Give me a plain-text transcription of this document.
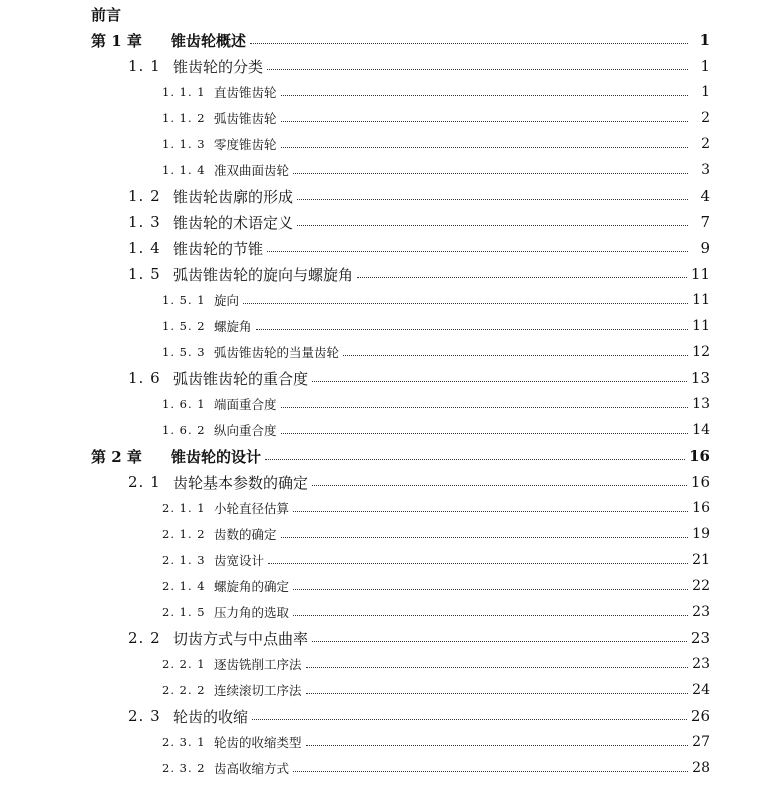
前言
第 1 章	锥齿轮概述	1
1. 1 锥齿轮的分类	1
1. 1. 1 直齿锥齿轮	1
1. 1. 2 弧齿锥齿轮	2
1. 1. 3 零度锥齿轮	2
1. 1. 4 准双曲面齿轮	3
1. 2 锥齿轮齿廓的形成	4
1. 3 锥齿轮的术语定义	7
1. 4 锥齿轮的节锥	9
1. 5 弧齿锥齿轮的旋向与螺旋角	11
1. 5. 1 旋向	11
1. 5. 2 螺旋角	11
1. 5. 3 弧齿锥齿轮的当量齿轮	12
1. 6 弧齿锥齿轮的重合度	13
1. 6. 1 端面重合度	13
1. 6. 2 纵向重合度	14
第 2 章	锥齿轮的设计	16
2. 1 齿轮基本参数的确定	16
2. 1. 1 小轮直径估算	16
2. 1. 2 齿数的确定	19
2. 1. 3 齿宽设计	21
2. 1. 4 螺旋角的确定	22
2. 1. 5 压力角的选取	23
2. 2 切齿方式与中点曲率	23
2. 2. 1 逐齿铣削工序法	23
2. 2. 2 连续滚切工序法	24
2. 3 轮齿的收缩	26
2. 3. 1 轮齿的收缩类型	27
2. 3. 2 齿高收缩方式	28
